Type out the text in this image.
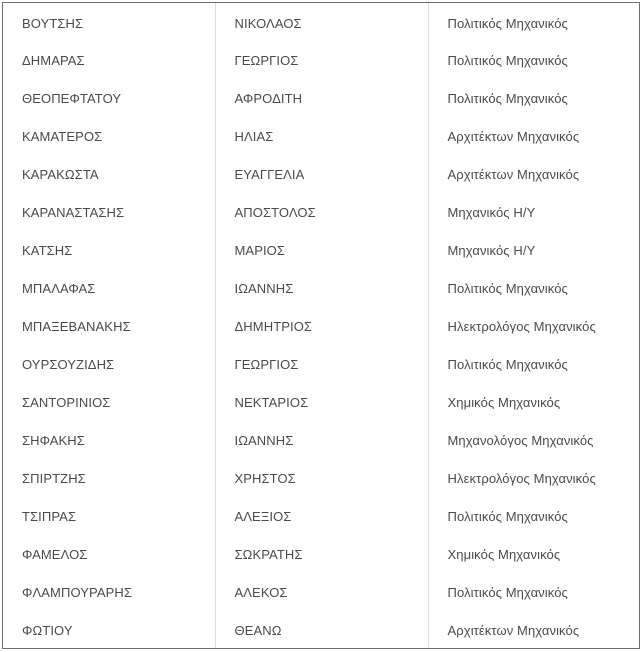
ΒΟΥΤΣΗΣ	ΝΙΚΟΛΑΟΣ	Πολιτικός Μηχανικός
ΔΗΜΑΡΑΣ	ΓΕΩΡΓΙΟΣ	Πολιτικός Μηχανικός
ΘΕΟΠΕΦΤΑΤΟΥ	ΑΦΡΟΔΙΤΗ	Πολιτικός Μηχανικός
ΚΑΜΑΤΕΡΟΣ	ΗΛΙΑΣ	Αρχιτέκτων Μηχανικός
ΚΑΡΑΚΩΣΤΑ	ΕΥΑΓΓΕΛΙΑ	Αρχιτέκτων Μηχανικός
ΚΑΡΑΝΑΣΤΑΣΗΣ	ΑΠΟΣΤΟΛΟΣ	Μηχανικός Η/Υ
ΚΑΤΣΗΣ	ΜΑΡΙΟΣ	Μηχανικός Η/Υ
ΜΠΑΛΑΦΑΣ	ΙΩΑΝΝΗΣ	Πολιτικός Μηχανικός
ΜΠΑΞΕΒΑΝΑΚΗΣ	ΔΗΜΗΤΡΙΟΣ	Ηλεκτρολόγος Μηχανικός
ΟΥΡΣΟΥΖΙΔΗΣ	ΓΕΩΡΓΙΟΣ	Πολιτικός Μηχανικός
ΣΑΝΤΟΡΙΝΙΟΣ	ΝΕΚΤΑΡΙΟΣ	Χημικός Μηχανικός
ΣΗΦΑΚΗΣ	ΙΩΑΝΝΗΣ	Μηχανολόγος Μηχανικός
ΣΠΙΡΤΖΗΣ	ΧΡΗΣΤΟΣ	Ηλεκτρολόγος Μηχανικός
ΤΣΙΠΡΑΣ	ΑΛΕΞΙΟΣ	Πολιτικός Μηχανικός
ΦΑΜΕΛΟΣ	ΣΩΚΡΑΤΗΣ	Χημικός Μηχανικός
ΦΛΑΜΠΟΥΡΑΡΗΣ	ΑΛΕΚΟΣ	Πολιτικός Μηχανικός
ΦΩΤΙΟΥ	ΘΕΑΝΩ	Αρχιτέκτων Μηχανικός
